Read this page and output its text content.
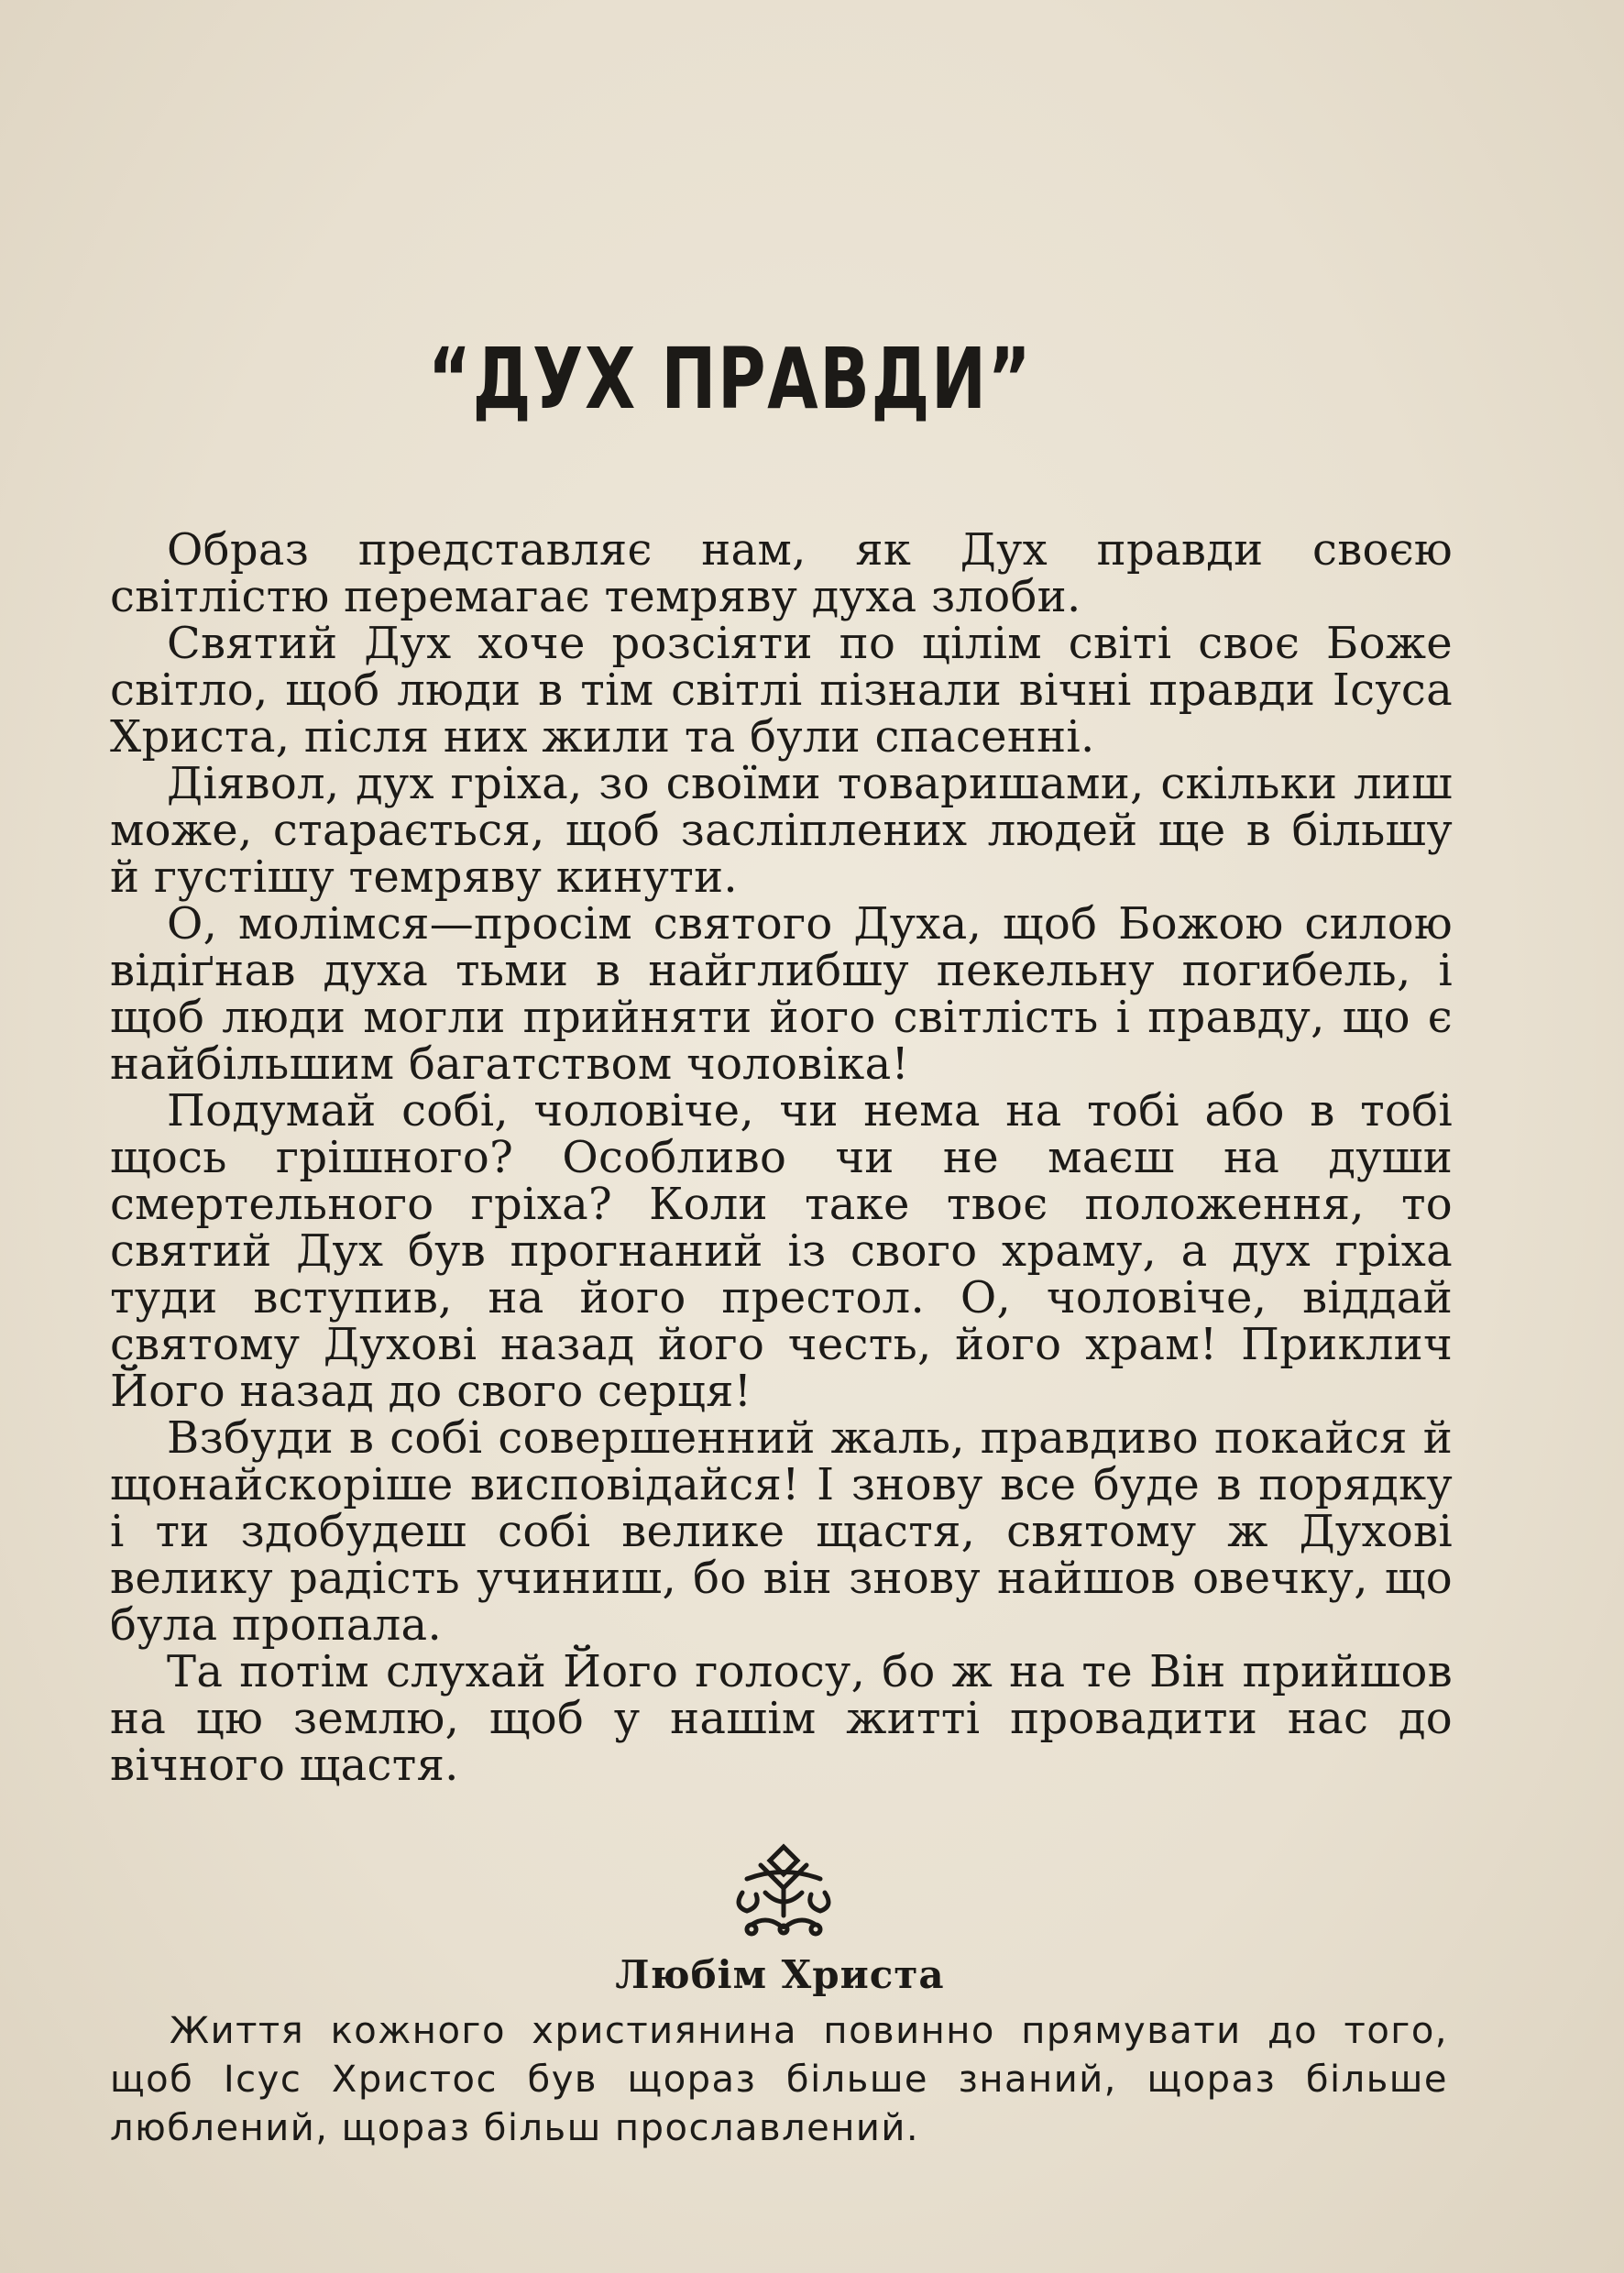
“ДУХ ПРАВДИ”

Образ представляє нам, як Дух правди своєю світлістю перемагає темряву духа злоби.

Святий Дух хоче розсіяти по цілім світі своє Боже світло, щоб люди в тім світлі пізнали вічні правди Ісуса Христа, після них жили та були спасенні.

Діявол, дух гріха, зо своїми товаришами, скільки лиш може, старається, щоб засліплених людей ще в більшу й густішу темряву кинути.

О, молімся—просім святого Духа, щоб Божою силою відіґнав духа тьми в найглибшу пекельну погибель, і щоб люди могли прийняти його світлість і правду, що є найбільшим багатством чоловіка!

Подумай собі, чоловіче, чи нема на тобі або в тобі щось грішного? Особливо чи не маєш на души смертельного гріха? Коли таке твоє положення, то святий Дух був прогнаний із свого храму, а дух гріха туди вступив, на його престол. О, чоловіче, віддай святому Духові назад його честь, його храм! Приклич Його назад до свого серця!

Взбуди в собі совершенний жаль, правдиво покайся й щонайскоріше висповідайся! І знову все буде в порядку і ти здобудеш собі велике щастя, святому ж Духові велику радість учиниш, бо він знову найшов овечку, що була пропала.

Та потім слухай Його голосу, бо ж на те Він прийшов на цю землю, щоб у нашім житті провадити нас до вічного щастя.

Любім Христа

Життя кожного християнина повинно прямувати до того, щоб Ісус Христос був щораз більше знаний, щораз більше люблений, щораз більш прославлений.
